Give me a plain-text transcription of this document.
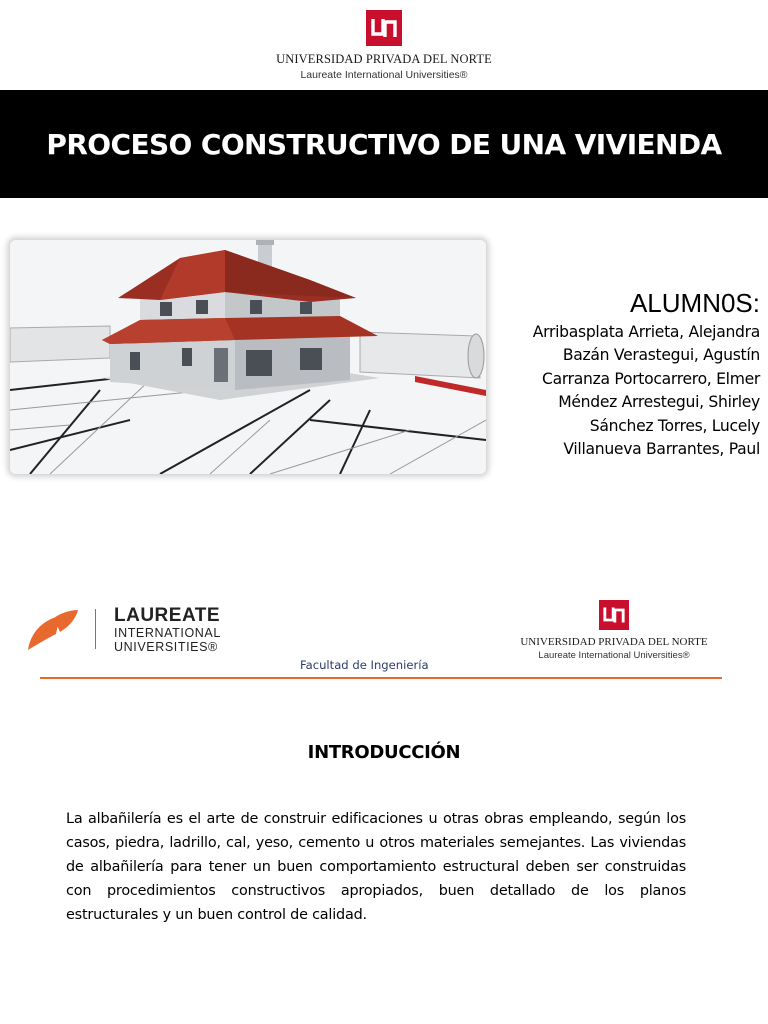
UNIVERSIDAD PRIVADA DEL NORTE
Laureate International Universities®
PROCESO CONSTRUCTIVO DE UNA VIVIENDA
ALUMN0S:
Arribasplata Arrieta, Alejandra
Bazán Verastegui, Agustín
Carranza Portocarrero, Elmer
Méndez Arrestegui, Shirley
Sánchez Torres, Lucely
Villanueva Barrantes, Paul
LAUREATE
INTERNATIONAL
UNIVERSITIES®	UNIVERSIDAD PRIVADA DEL NORTE
Laureate International Universities®
Facultad de Ingeniería
INTRODUCCIÓN
La albañilería es el arte de construir edificaciones u otras obras empleando, según los casos, piedra, ladrillo, cal, yeso, cemento u otros materiales semejantes. Las viviendas de albañilería para tener un buen comportamiento estructural deben ser construidas con procedimientos constructivos apropiados, buen detallado de los planos estructurales y un buen control de calidad.
